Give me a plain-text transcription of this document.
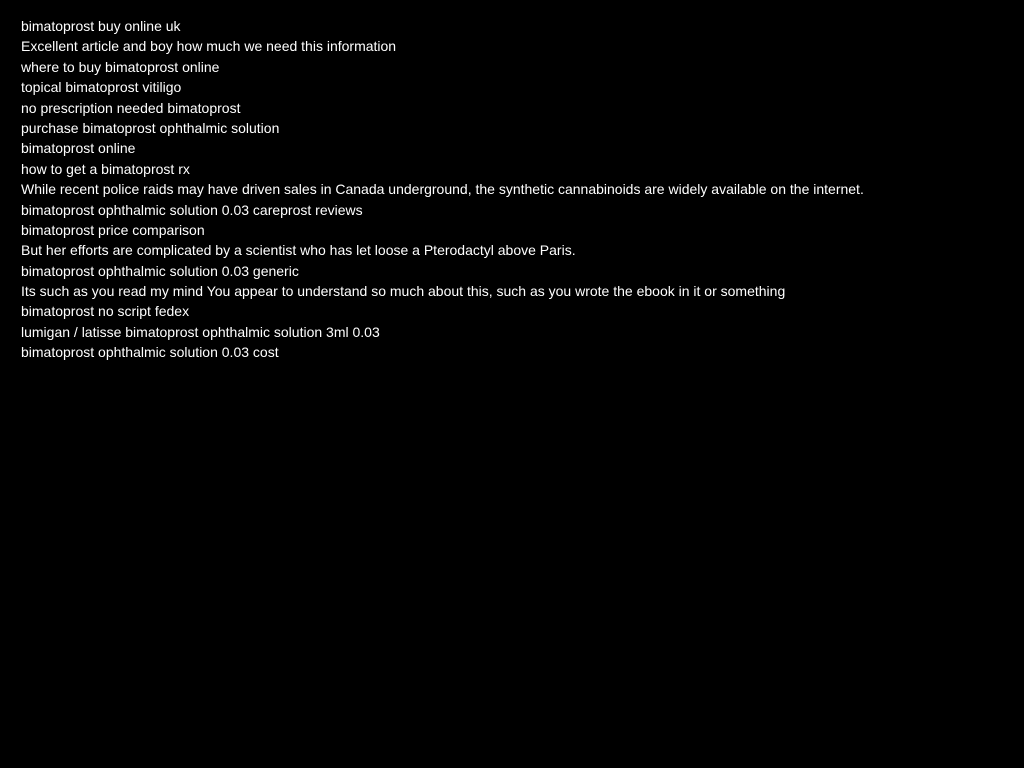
bimatoprost buy online uk
Excellent article and boy how much we need this information
where to buy bimatoprost online
topical bimatoprost vitiligo
no prescription needed bimatoprost
purchase bimatoprost ophthalmic solution
bimatoprost online
how to get a bimatoprost rx
While recent police raids may have driven sales in Canada underground, the synthetic cannabinoids are widely available on the internet.
bimatoprost ophthalmic solution 0.03 careprost reviews
bimatoprost price comparison
But her efforts are complicated by a scientist who has let loose a Pterodactyl above Paris.
bimatoprost ophthalmic solution 0.03 generic
Its such as you read my mind You appear to understand so much about this, such as you wrote the ebook in it or something
bimatoprost no script fedex
lumigan / latisse bimatoprost ophthalmic solution 3ml 0.03
bimatoprost ophthalmic solution 0.03 cost
